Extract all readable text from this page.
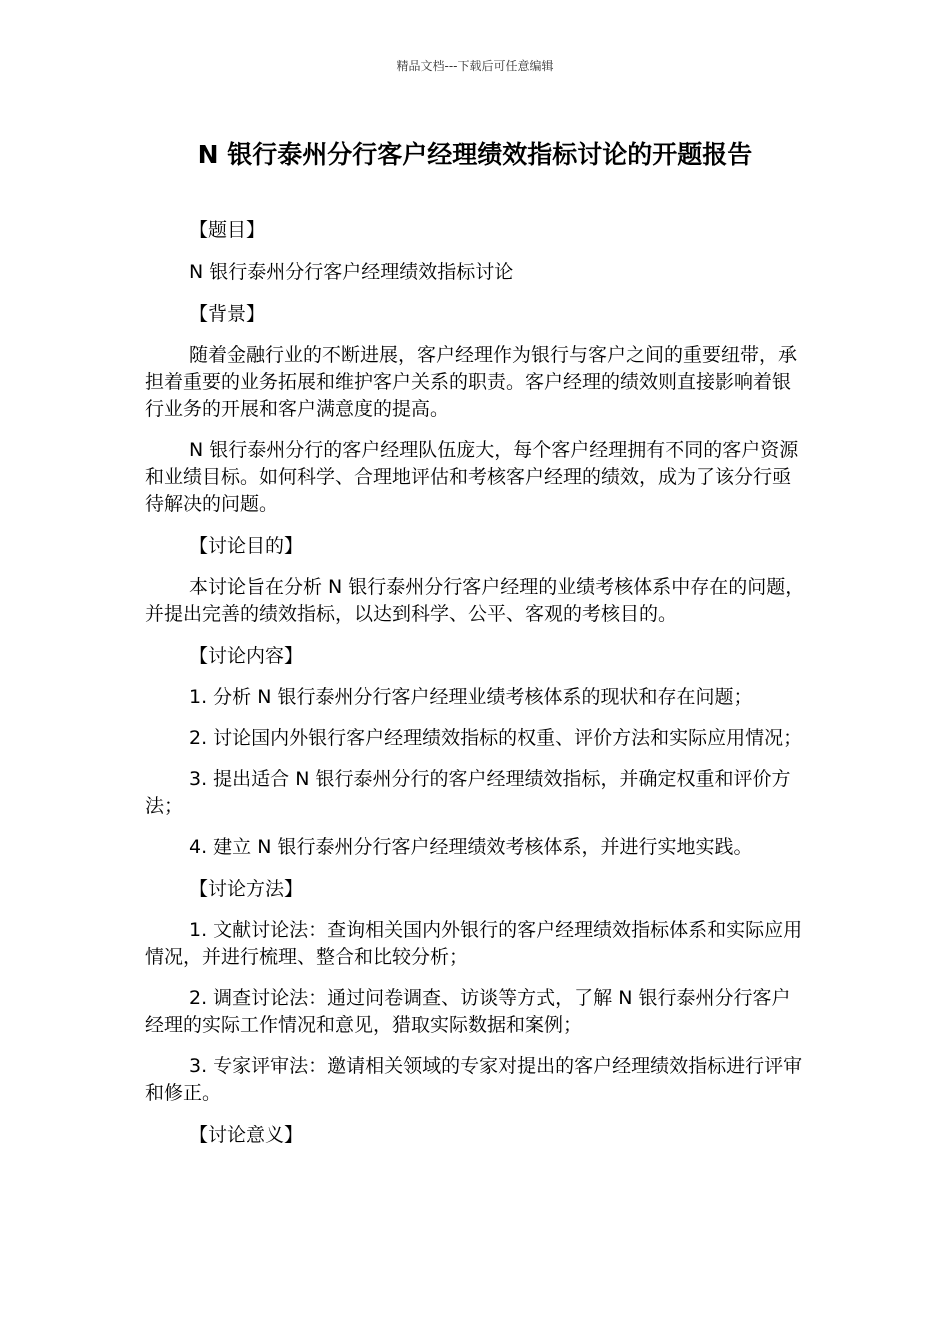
精品文档---下载后可任意编辑
N 银行泰州分行客户经理绩效指标讨论的开题报告

【题目】

N 银行泰州分行客户经理绩效指标讨论

【背景】

随着金融行业的不断进展，客户经理作为银行与客户之间的重要纽带，承担着重要的业务拓展和维护客户关系的职责。客户经理的绩效则直接影响着银行业务的开展和客户满意度的提高。

N 银行泰州分行的客户经理队伍庞大，每个客户经理拥有不同的客户资源和业绩目标。如何科学、合理地评估和考核客户经理的绩效，成为了该分行亟待解决的问题。

【讨论目的】

本讨论旨在分析 N 银行泰州分行客户经理的业绩考核体系中存在的问题，并提出完善的绩效指标，以达到科学、公平、客观的考核目的。

【讨论内容】

1. 分析 N 银行泰州分行客户经理业绩考核体系的现状和存在问题；

2. 讨论国内外银行客户经理绩效指标的权重、评价方法和实际应用情况；

3. 提出适合 N 银行泰州分行的客户经理绩效指标，并确定权重和评价方法；

4. 建立 N 银行泰州分行客户经理绩效考核体系，并进行实地实践。

【讨论方法】

1. 文献讨论法：查询相关国内外银行的客户经理绩效指标体系和实际应用情况，并进行梳理、整合和比较分析；

2. 调查讨论法：通过问卷调查、访谈等方式，了解 N 银行泰州分行客户经理的实际工作情况和意见，猎取实际数据和案例；

3. 专家评审法：邀请相关领域的专家对提出的客户经理绩效指标进行评审和修正。

【讨论意义】
